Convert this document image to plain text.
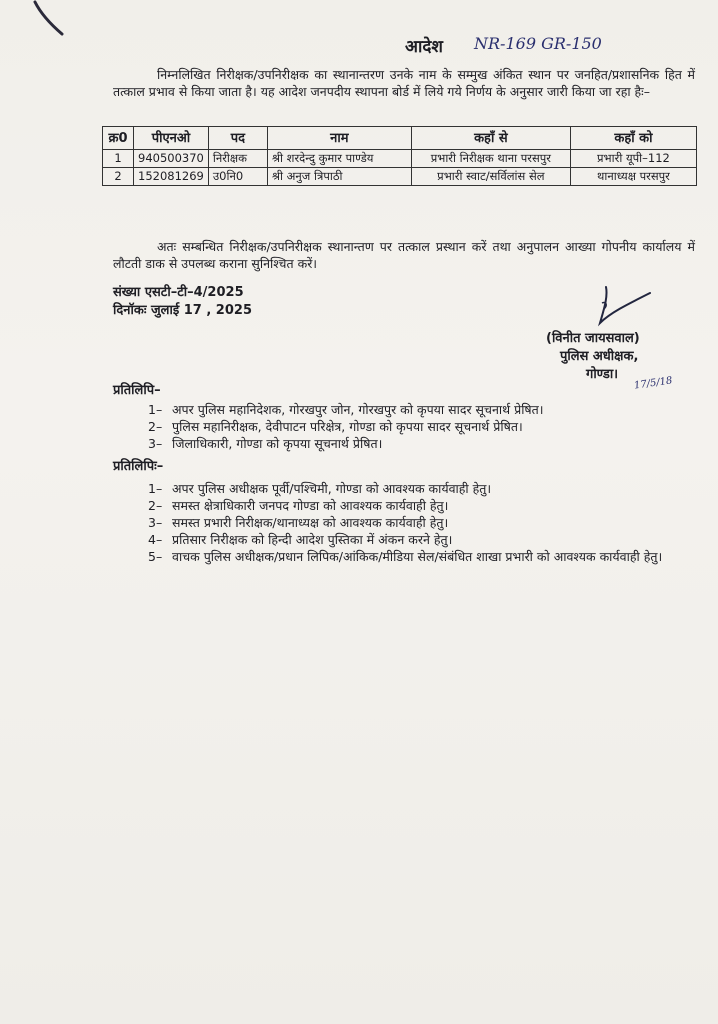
आदेश NR-169 GR-150
निम्नलिखित निरीक्षक/उपनिरीक्षक का स्थानान्तरण उनके नाम के सम्मुख अंकित स्थान पर जनहित/प्रशासनिक हित में तत्काल प्रभाव से किया जाता है। यह आदेश जनपदीय स्थापना बोर्ड में लिये गये निर्णय के अनुसार जारी किया जा रहा हैः–
क्र0	पीएनओ	पद	नाम	कहाँ से	कहाँ को
1	940500370	निरीक्षक	श्री शरदेन्दु कुमार पाण्डेय	प्रभारी निरीक्षक थाना परसपुर	प्रभारी यूपी–112
2	152081269	उ0नि0	श्री अनुज त्रिपाठी	प्रभारी स्वाट/सर्विलांस सेल	थानाध्यक्ष परसपुर
अतः सम्बन्धित निरीक्षक/उपनिरीक्षक स्थानान्तण पर तत्काल प्रस्थान करें तथा अनुपालन आख्या गोपनीय कार्यालय में लौटती डाक से उपलब्ध कराना सुनिश्चित करें।
संख्या एसटी–टी–4/2025
दिनॉकः जुलाई 17 , 2025
(विनीत जायसवाल)
पुलिस अधीक्षक,
गोण्डा।
17/5/18
प्रतिलिपि–
1– अपर पुलिस महानिदेशक, गोरखपुर जोन, गोरखपुर को कृपया सादर सूचनार्थ प्रेषित।
2– पुलिस महानिरीक्षक, देवीपाटन परिक्षेत्र, गोण्डा को कृपया सादर सूचनार्थ प्रेषित।
3– जिलाधिकारी, गोण्डा को कृपया सूचनार्थ प्रेषित।
प्रतिलिपिः–
1– अपर पुलिस अधीक्षक पूर्वी/पश्चिमी, गोण्डा को आवश्यक कार्यवाही हेतु।
2– समस्त क्षेत्राधिकारी जनपद गोण्डा को आवश्यक कार्यवाही हेतु।
3– समस्त प्रभारी निरीक्षक/थानाध्यक्ष को आवश्यक कार्यवाही हेतु।
4– प्रतिसार निरीक्षक को हिन्दी आदेश पुस्तिका में अंकन करने हेतु।
5– वाचक पुलिस अधीक्षक/प्रधान लिपिक/आंकिक/मीडिया सेल/संबंधित शाखा प्रभारी को आवश्यक कार्यवाही हेतु।
